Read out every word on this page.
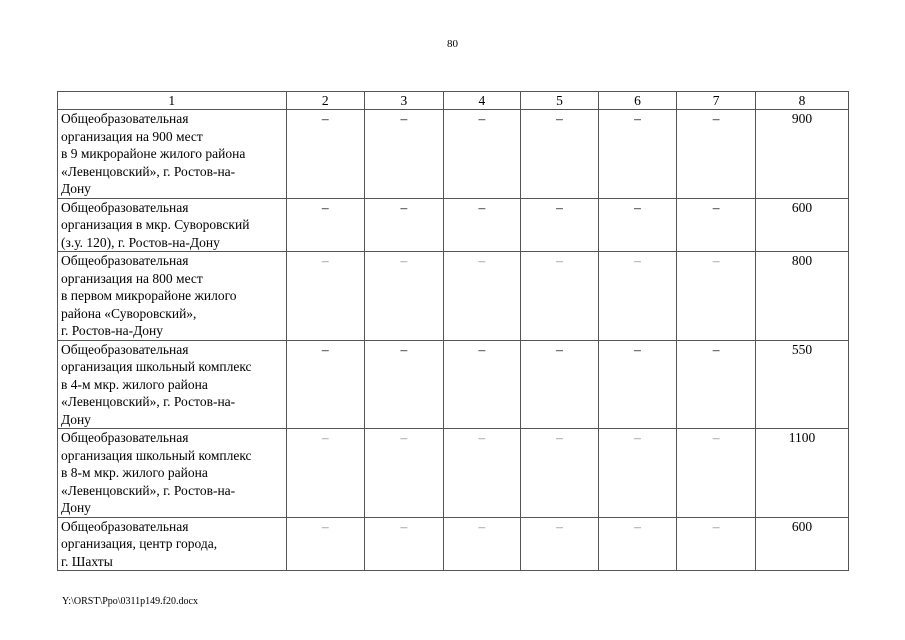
80
1	2	3	4	5	6	7	8

Общеобразовательная
организация на 900 мест
в 9 микрорайоне жилого района
«Левенцовский», г. Ростов-на-
Дону	–	–	–	–	–	–	900

Общеобразовательная
организация в мкр. Суворовский
(з.у. 120), г. Ростов-на-Дону	–	–	–	–	–	–	600

Общеобразовательная
организация на 800 мест
в первом микрорайоне жилого
района «Суворовский»,
г. Ростов-на-Дону	–	–	–	–	–	–	800

Общеобразовательная
организация школьный комплекс
в 4-м мкр. жилого района
«Левенцовский», г. Ростов-на-
Дону	–	–	–	–	–	–	550

Общеобразовательная
организация школьный комплекс
в 8-м мкр. жилого района
«Левенцовский», г. Ростов-на-
Дону	–	–	–	–	–	–	1100

Общеобразовательная
организация, центр города,
г. Шахты	–	–	–	–	–	–	600
Y:\ORST\Ppo\0311p149.f20.docx
